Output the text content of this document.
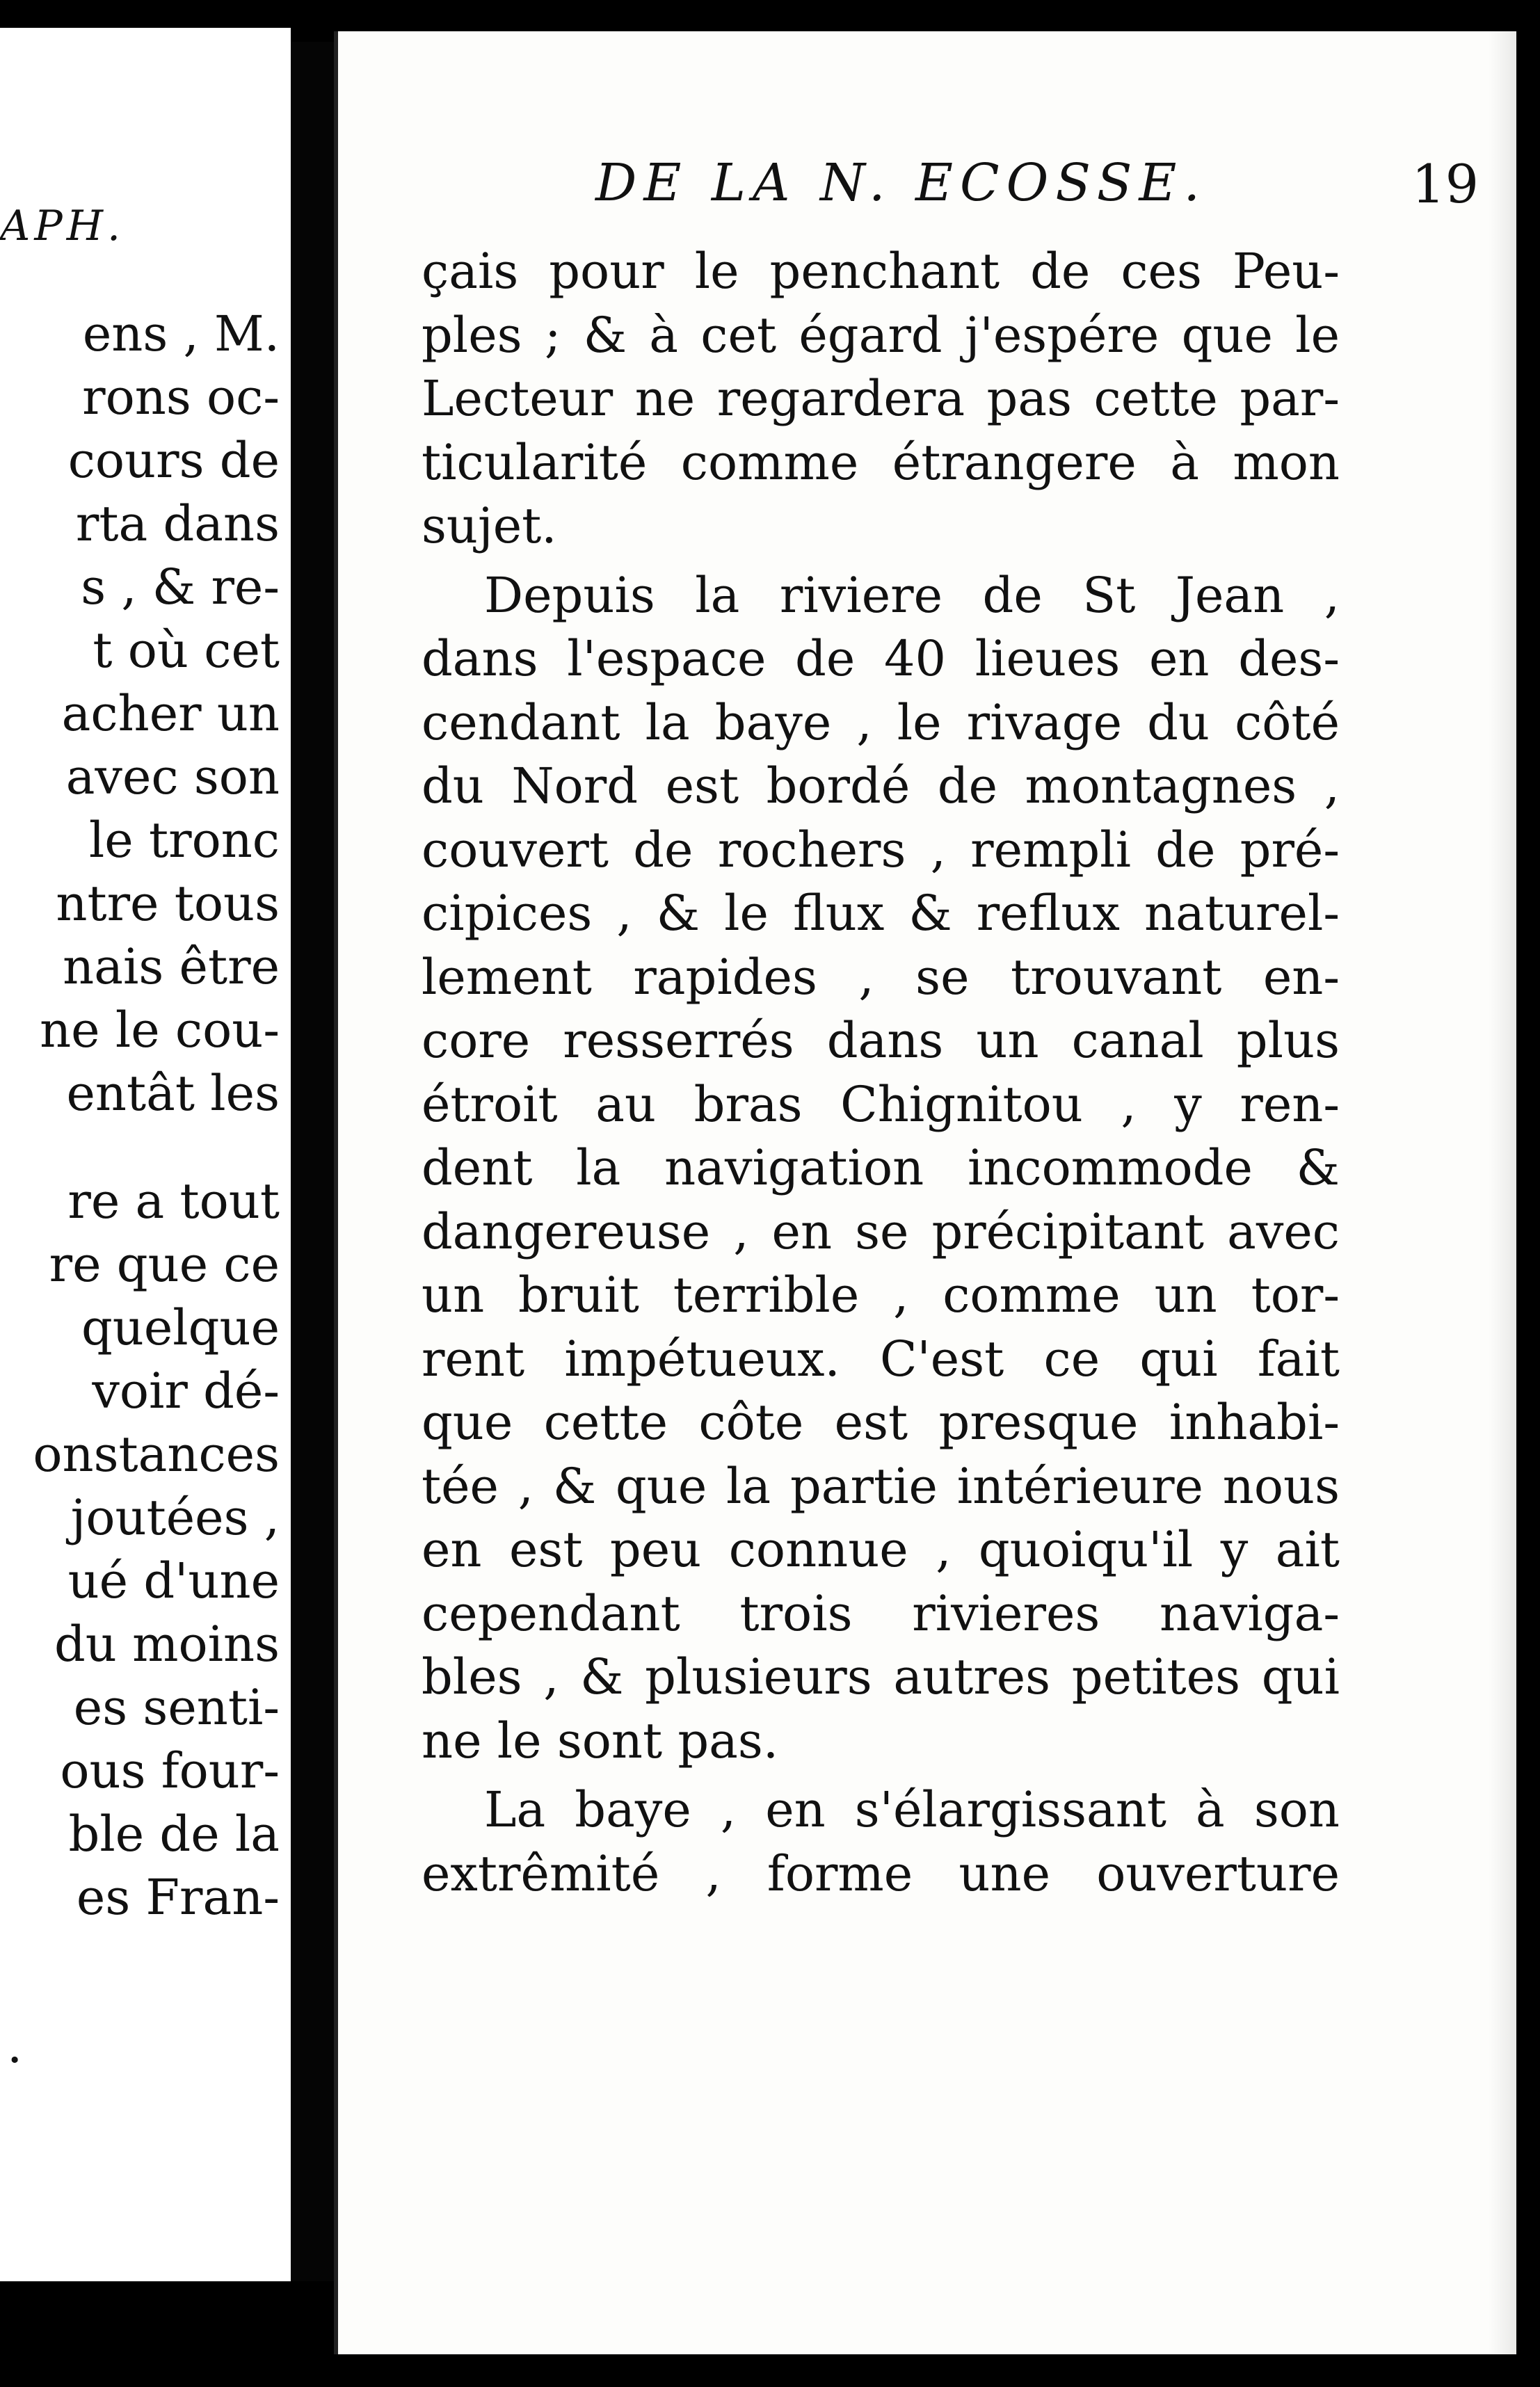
APH.
ens , M.
rons oc-
cours de
rta dans
s , & re-
t où cet
acher un
avec son
le tronc
ntre tous
nais être
ne le cou-
entât les
re a tout
re que ce
quelque
voir dé-
onstances
joutées ,
ué d'une
du moins
es senti-
ous four-
ble de la
es Fran-
.
DE LA N. ECOSSE.	19
çais pour le penchant de ces Peu-
ples ; & à cet égard j'espére que le
Lecteur ne regardera pas cette par-
ticularité comme étrangere à mon
sujet.
Depuis la riviere de St Jean ,
dans l'espace de 40 lieues en des-
cendant la baye , le rivage du côté
du Nord est bordé de montagnes ,
couvert de rochers , rempli de pré-
cipices , & le flux & reflux naturel-
lement rapides , se trouvant en-
core resserrés dans un canal plus
étroit au bras Chignitou , y ren-
dent la navigation incommode &
dangereuse , en se précipitant avec
un bruit terrible , comme un tor-
rent impétueux. C'est ce qui fait
que cette côte est presque inhabi-
tée , & que la partie intérieure nous
en est peu connue , quoiqu'il y ait
cependant trois rivieres naviga-
bles , & plusieurs autres petites qui
ne le sont pas.
La baye , en s'élargissant à son
extrêmité , forme une ouverture
